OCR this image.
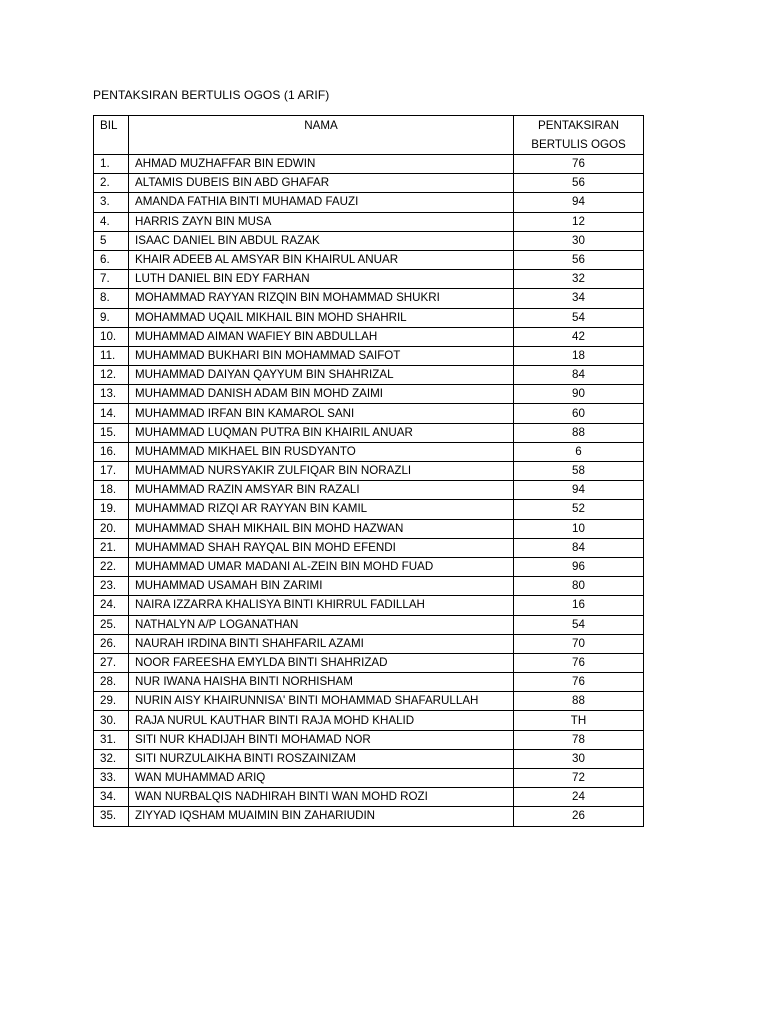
PENTAKSIRAN BERTULIS OGOS (1 ARIF)
BIL	NAMA	PENTAKSIRAN
BERTULIS OGOS
1.	AHMAD MUZHAFFAR BIN EDWIN	76
2.	ALTAMIS DUBEIS BIN ABD GHAFAR	56
3.	AMANDA FATHIA BINTI MUHAMAD FAUZI	94
4.	HARRIS ZAYN BIN MUSA	12
5	ISAAC DANIEL BIN ABDUL RAZAK	30
6.	KHAIR ADEEB AL AMSYAR BIN KHAIRUL ANUAR	56
7.	LUTH DANIEL BIN EDY FARHAN	32
8.	MOHAMMAD RAYYAN RIZQIN BIN MOHAMMAD SHUKRI	34
9.	MOHAMMAD UQAIL MIKHAIL BIN MOHD SHAHRIL	54
10.	MUHAMMAD AIMAN WAFIEY BIN ABDULLAH	42
11.	MUHAMMAD BUKHARI BIN MOHAMMAD SAIFOT	18
12.	MUHAMMAD DAIYAN QAYYUM BIN SHAHRIZAL	84
13.	MUHAMMAD DANISH ADAM BIN MOHD ZAIMI	90
14.	MUHAMMAD IRFAN BIN KAMAROL SANI	60
15.	MUHAMMAD LUQMAN PUTRA BIN KHAIRIL ANUAR	88
16.	MUHAMMAD MIKHAEL BIN RUSDYANTO	6
17.	MUHAMMAD NURSYAKIR ZULFIQAR BIN NORAZLI	58
18.	MUHAMMAD RAZIN AMSYAR BIN RAZALI	94
19.	MUHAMMAD RIZQI AR RAYYAN BIN KAMIL	52
20.	MUHAMMAD SHAH MIKHAIL BIN MOHD HAZWAN	10
21.	MUHAMMAD SHAH RAYQAL BIN MOHD EFENDI	84
22.	MUHAMMAD UMAR MADANI AL-ZEIN BIN MOHD FUAD	96
23.	MUHAMMAD USAMAH BIN ZARIMI	80
24.	NAIRA IZZARRA KHALISYA BINTI KHIRRUL FADILLAH	16
25.	NATHALYN A/P LOGANATHAN	54
26.	NAURAH IRDINA BINTI SHAHFARIL AZAMI	70
27.	NOOR FAREESHA EMYLDA BINTI SHAHRIZAD	76
28.	NUR IWANA HAISHA BINTI NORHISHAM	76
29.	NURIN AISY KHAIRUNNISA' BINTI MOHAMMAD SHAFARULLAH	88
30.	RAJA NURUL KAUTHAR BINTI RAJA MOHD KHALID	TH
31.	SITI NUR KHADIJAH BINTI MOHAMAD NOR	78
32.	SITI NURZULAIKHA BINTI ROSZAINIZAM	30
33.	WAN MUHAMMAD ARIQ	72
34.	WAN NURBALQIS NADHIRAH BINTI WAN MOHD ROZI	24
35.	ZIYYAD IQSHAM MUAIMIN BIN ZAHARIUDIN	26
